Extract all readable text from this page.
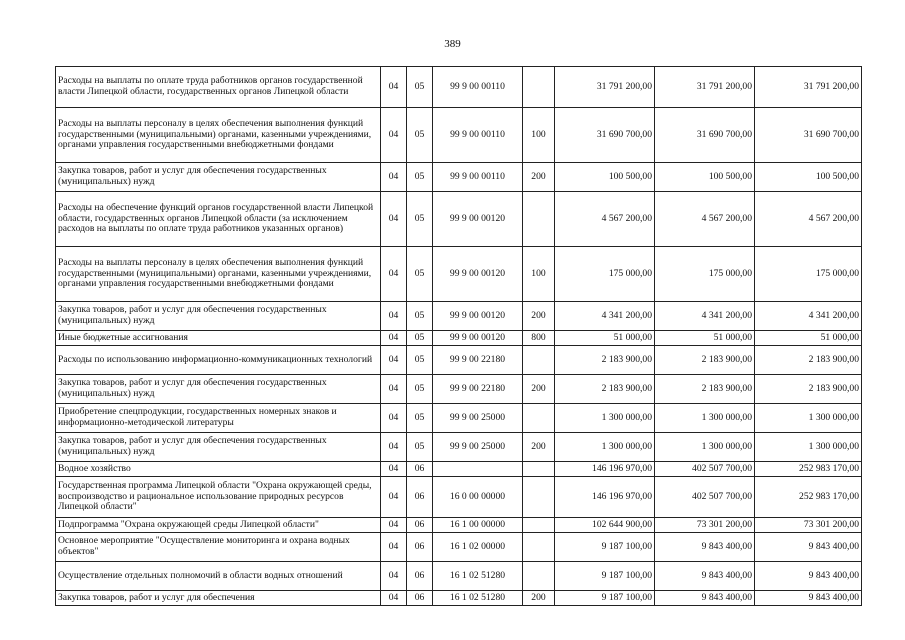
389
Расходы на выплаты по оплате труда работников органов государственной власти Липецкой области, государственных органов Липецкой области	04	05	99 9 00 00110		31 791 200,00	31 791 200,00	31 791 200,00
Расходы на выплаты персоналу в целях обеспечения выполнения функций государственными (муниципальными) органами, казенными учреждениями, органами управления государственными внебюджетными фондами	04	05	99 9 00 00110	100	31 690 700,00	31 690 700,00	31 690 700,00
Закупка товаров, работ и услуг для обеспечения государственных (муниципальных) нужд	04	05	99 9 00 00110	200	100 500,00	100 500,00	100 500,00
Расходы на обеспечение функций органов государственной власти Липецкой области, государственных органов Липецкой области (за исключением расходов на выплаты по оплате труда работников указанных органов)	04	05	99 9 00 00120		4 567 200,00	4 567 200,00	4 567 200,00
Расходы на выплаты персоналу в целях обеспечения выполнения функций государственными (муниципальными) органами, казенными учреждениями, органами управления государственными внебюджетными фондами	04	05	99 9 00 00120	100	175 000,00	175 000,00	175 000,00
Закупка товаров, работ и услуг для обеспечения государственных (муниципальных) нужд	04	05	99 9 00 00120	200	4 341 200,00	4 341 200,00	4 341 200,00
Иные бюджетные ассигнования	04	05	99 9 00 00120	800	51 000,00	51 000,00	51 000,00
Расходы по использованию информационно-коммуникационных технологий	04	05	99 9 00 22180		2 183 900,00	2 183 900,00	2 183 900,00
Закупка товаров, работ и услуг для обеспечения государственных (муниципальных) нужд	04	05	99 9 00 22180	200	2 183 900,00	2 183 900,00	2 183 900,00
Приобретение спецпродукции, государственных номерных знаков и информационно-методической литературы	04	05	99 9 00 25000		1 300 000,00	1 300 000,00	1 300 000,00
Закупка товаров, работ и услуг для обеспечения государственных (муниципальных) нужд	04	05	99 9 00 25000	200	1 300 000,00	1 300 000,00	1 300 000,00
Водное хозяйство	04	06			146 196 970,00	402 507 700,00	252 983 170,00
Государственная программа Липецкой области "Охрана окружающей среды, воспроизводство и рациональное использование природных ресурсов Липецкой области"	04	06	16 0 00 00000		146 196 970,00	402 507 700,00	252 983 170,00
Подпрограмма "Охрана окружающей среды Липецкой области"	04	06	16 1 00 00000		102 644 900,00	73 301 200,00	73 301 200,00
Основное мероприятие "Осуществление мониторинга и охрана водных объектов"	04	06	16 1 02 00000		9 187 100,00	9 843 400,00	9 843 400,00
Осуществление отдельных полномочий в области водных отношений	04	06	16 1 02 51280		9 187 100,00	9 843 400,00	9 843 400,00
Закупка товаров, работ и услуг для обеспечения	04	06	16 1 02 51280	200	9 187 100,00	9 843 400,00	9 843 400,00
